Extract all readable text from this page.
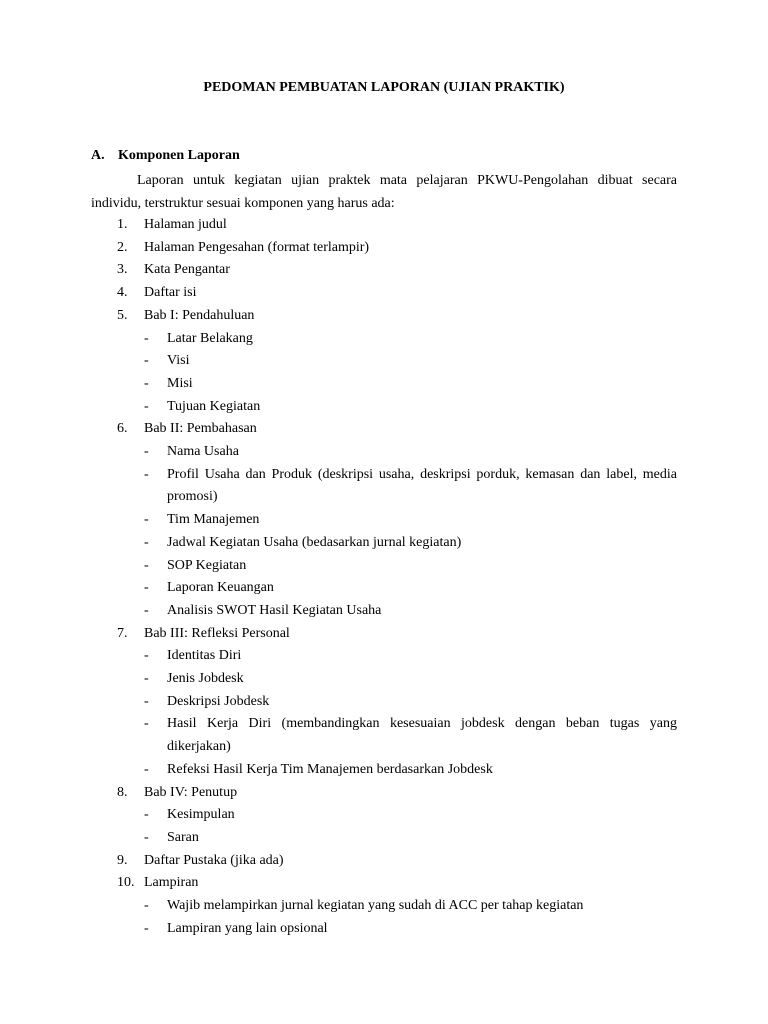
PEDOMAN PEMBUATAN LAPORAN (UJIAN PRAKTIK)
A. Komponen Laporan
Laporan untuk kegiatan ujian praktek mata pelajaran PKWU-Pengolahan dibuat secara individu, terstruktur sesuai komponen yang harus ada:
1. Halaman judul
2. Halaman Pengesahan (format terlampir)
3. Kata Pengantar
4. Daftar isi
5. Bab I: Pendahuluan
- Latar Belakang
- Visi
- Misi
- Tujuan Kegiatan
6. Bab II: Pembahasan
- Nama Usaha
- Profil Usaha dan Produk (deskripsi usaha, deskripsi porduk, kemasan dan label, media promosi)
- Tim Manajemen
- Jadwal Kegiatan Usaha (bedasarkan jurnal kegiatan)
- SOP Kegiatan
- Laporan Keuangan
- Analisis SWOT Hasil Kegiatan Usaha
7. Bab III: Refleksi Personal
- Identitas Diri
- Jenis Jobdesk
- Deskripsi Jobdesk
- Hasil Kerja Diri (membandingkan kesesuaian jobdesk dengan beban tugas yang dikerjakan)
- Refeksi Hasil Kerja Tim Manajemen berdasarkan Jobdesk
8. Bab IV: Penutup
- Kesimpulan
- Saran
9. Daftar Pustaka (jika ada)
10. Lampiran
- Wajib melampirkan jurnal kegiatan yang sudah di ACC per tahap kegiatan
- Lampiran yang lain opsional
